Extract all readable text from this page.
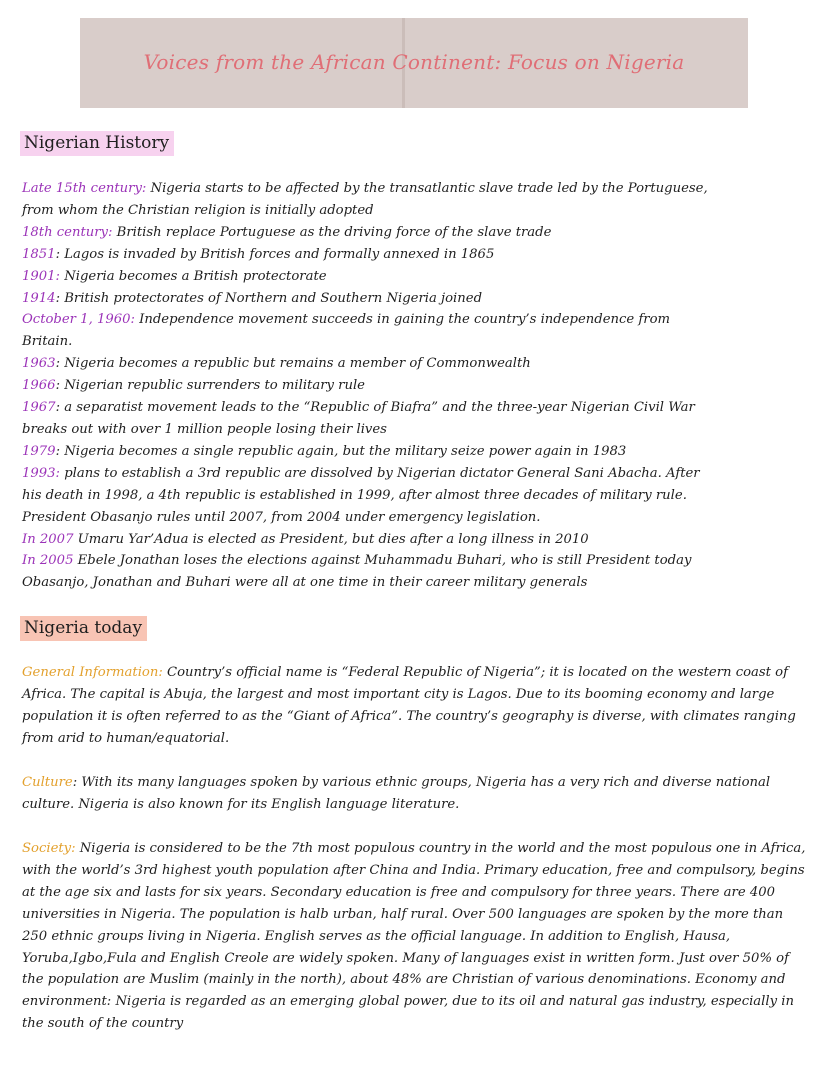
Voices from the African Continent: Focus on Nigeria
Nigerian History
Late 15th century: Nigeria starts to be affected by the transatlantic slave trade led by the Portuguese,
from whom the Christian religion is initially adopted
18th century: British replace Portuguese as the driving force of the slave trade
1851: Lagos is invaded by British forces and formally annexed in 1865
1901: Nigeria becomes a British protectorate
1914: British protectorates of Northern and Southern Nigeria joined
October 1, 1960: Independence movement succeeds in gaining the country’s independence from
Britain.
1963: Nigeria becomes a republic but remains a member of Commonwealth
1966: Nigerian republic surrenders to military rule
1967: a separatist movement leads to the “Republic of Biafra” and the three-year Nigerian Civil War
breaks out with over 1 million people losing their lives
1979: Nigeria becomes a single republic again, but the military seize power again in 1983
1993: plans to establish a 3rd republic are dissolved by Nigerian dictator General Sani Abacha. After
his death in 1998, a 4th republic is established in 1999, after almost three decades of military rule.
President Obasanjo rules until 2007, from 2004 under emergency legislation.
In 2007 Umaru Yar’Adua is elected as President, but dies after a long illness in 2010
In 2005 Ebele Jonathan loses the elections against Muhammadu Buhari, who is still President today
Obasanjo, Jonathan and Buhari were all at one time in their career military generals
Nigeria today
General Information: Country’s official name is “Federal Republic of Nigeria”; it is located on the western coast of Africa. The capital is Abuja, the largest and most important city is Lagos. Due to its booming economy and large population it is often referred to as the “Giant of Africa”. The country’s geography is diverse, with climates ranging from arid to human/equatorial.
Culture: With its many languages spoken by various ethnic groups, Nigeria has a very rich and diverse national culture. Nigeria is also known for its English language literature.
Society: Nigeria is considered to be the 7th most populous country in the world and the most populous one in Africa, with the world’s 3rd highest youth population after China and India. Primary education, free and compulsory, begins at the age six and lasts for six years. Secondary education is free and compulsory for three years. There are 400 universities in Nigeria. The population is halb urban, half rural. Over 500 languages are spoken by the more than 250 ethnic groups living in Nigeria. English serves as the official language. In addition to English, Hausa, Yoruba,Igbo,Fula and English Creole are widely spoken. Many of languages exist in written form. Just over 50% of the population are Muslim (mainly in the north), about 48% are Christian of various denominations. Economy and environment: Nigeria is regarded as an emerging global power, due to its oil and natural gas industry, especially in the south of the country
